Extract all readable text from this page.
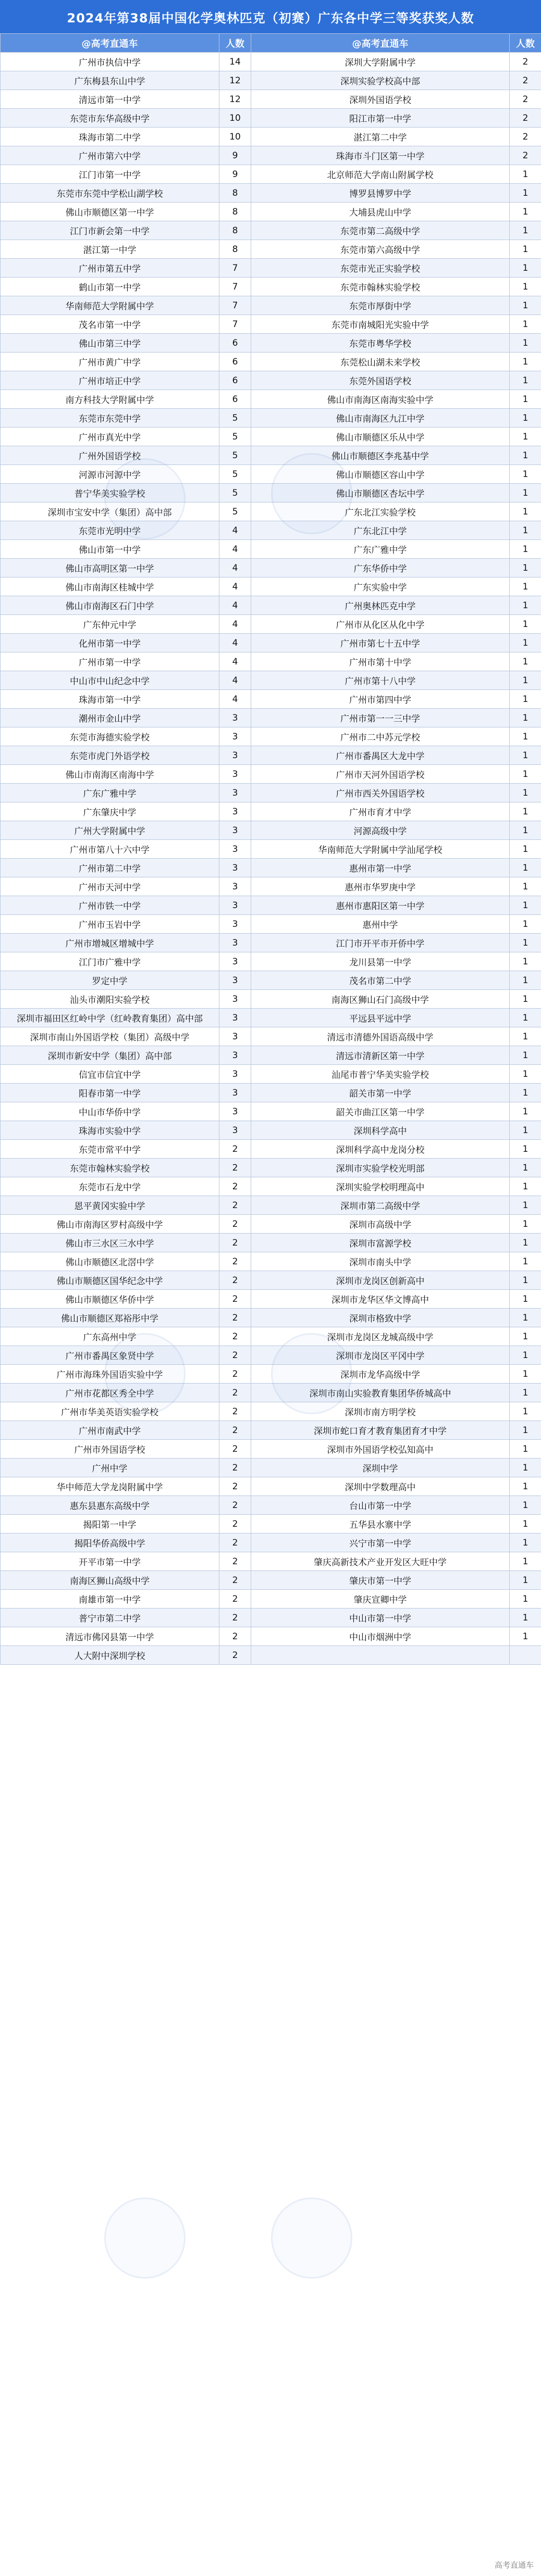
2024年第38届中国化学奥林匹克（初赛）广东各中学三等奖获奖人数
@高考直通车	人数	@高考直通车	人数
广州市执信中学	14	深圳大学附属中学	2
广东梅县东山中学	12	深圳实验学校高中部	2
清远市第一中学	12	深圳外国语学校	2
东莞市东华高级中学	10	阳江市第一中学	2
珠海市第二中学	10	湛江第二中学	2
广州市第六中学	9	珠海市斗门区第一中学	2
江门市第一中学	9	北京师范大学南山附属学校	1
东莞市东莞中学松山湖学校	8	博罗县博罗中学	1
佛山市顺德区第一中学	8	大埔县虎山中学	1
江门市新会第一中学	8	东莞市第二高级中学	1
湛江第一中学	8	东莞市第六高级中学	1
广州市第五中学	7	东莞市光正实验学校	1
鹤山市第一中学	7	东莞市翰林实验学校	1
华南师范大学附属中学	7	东莞市厚街中学	1
茂名市第一中学	7	东莞市南城阳光实验中学	1
佛山市第三中学	6	东莞市粤华学校	1
广州市黄广中学	6	东莞松山湖未来学校	1
广州市培正中学	6	东莞外国语学校	1
南方科技大学附属中学	6	佛山市南海区南海实验中学	1
东莞市东莞中学	5	佛山市南海区九江中学	1
广州市真光中学	5	佛山市顺德区乐从中学	1
广州外国语学校	5	佛山市顺德区李兆基中学	1
河源市河源中学	5	佛山市顺德区容山中学	1
普宁华美实验学校	5	佛山市顺德区杏坛中学	1
深圳市宝安中学（集团）高中部	5	广东北江实验学校	1
东莞市光明中学	4	广东北江中学	1
佛山市第一中学	4	广东广雅中学	1
佛山市高明区第一中学	4	广东华侨中学	1
佛山市南海区桂城中学	4	广东实验中学	1
佛山市南海区石门中学	4	广州奥林匹克中学	1
广东仲元中学	4	广州市从化区从化中学	1
化州市第一中学	4	广州市第七十五中学	1
广州市第一中学	4	广州市第十中学	1
中山市中山纪念中学	4	广州市第十八中学	1
珠海市第一中学	4	广州市第四中学	1
潮州市金山中学	3	广州市第一一三中学	1
东莞市海德实验学校	3	广州市二中苏元学校	1
东莞市虎门外语学校	3	广州市番禺区大龙中学	1
佛山市南海区南海中学	3	广州市天河外国语学校	1
广东广雅中学	3	广州市西关外国语学校	1
广东肇庆中学	3	广州市育才中学	1
广州大学附属中学	3	河源高级中学	1
广州市第八十六中学	3	华南师范大学附属中学汕尾学校	1
广州市第二中学	3	惠州市第一中学	1
广州市天河中学	3	惠州市华罗庚中学	1
广州市铁一中学	3	惠州市惠阳区第一中学	1
广州市玉岩中学	3	惠州中学	1
广州市增城区增城中学	3	江门市开平市开侨中学	1
江门市广雅中学	3	龙川县第一中学	1
罗定中学	3	茂名市第二中学	1
汕头市潮阳实验学校	3	南海区狮山石门高级中学	1
深圳市福田区红岭中学（红岭教育集团）高中部	3	平远县平远中学	1
深圳市南山外国语学校（集团）高级中学	3	清远市清德外国语高级中学	1
深圳市新安中学（集团）高中部	3	清远市清新区第一中学	1
信宜市信宜中学	3	汕尾市普宁华美实验学校	1
阳春市第一中学	3	韶关市第一中学	1
中山市华侨中学	3	韶关市曲江区第一中学	1
珠海市实验中学	3	深圳科学高中	1
东莞市常平中学	2	深圳科学高中龙岗分校	1
东莞市翰林实验学校	2	深圳市实验学校光明部	1
东莞市石龙中学	2	深圳实验学校明理高中	1
恩平黄冈实验中学	2	深圳市第二高级中学	1
佛山市南海区罗村高级中学	2	深圳市高级中学	1
佛山市三水区三水中学	2	深圳市富源学校	1
佛山市顺德区北滘中学	2	深圳市南头中学	1
佛山市顺德区国华纪念中学	2	深圳市龙岗区创新高中	1
佛山市顺德区华侨中学	2	深圳市龙华区华文博高中	1
佛山市顺德区郑裕彤中学	2	深圳市格致中学	1
广东高州中学	2	深圳市龙岗区龙城高级中学	1
广州市番禺区象贤中学	2	深圳市龙岗区平冈中学	1
广州市海珠外国语实验中学	2	深圳市龙华高级中学	1
广州市花都区秀全中学	2	深圳市南山实验教育集团华侨城高中	1
广州市华美英语实验学校	2	深圳市南方明学校	1
广州市南武中学	2	深圳市蛇口育才教育集团育才中学	1
广州市外国语学校	2	深圳市外国语学校弘知高中	1
广州中学	2	深圳中学	1
华中师范大学龙岗附属中学	2	深圳中学数理高中	1
惠东县惠东高级中学	2	台山市第一中学	1
揭阳第一中学	2	五华县水寨中学	1
揭阳华侨高级中学	2	兴宁市第一中学	1
开平市第一中学	2	肇庆高新技术产业开发区大旺中学	1
南海区狮山高级中学	2	肇庆市第一中学	1
南雄市第一中学	2	肇庆宣卿中学	1
普宁市第二中学	2	中山市第一中学	1
清远市佛冈县第一中学	2	中山市烟洲中学	1
人大附中深圳学校	2		
高考直通车
